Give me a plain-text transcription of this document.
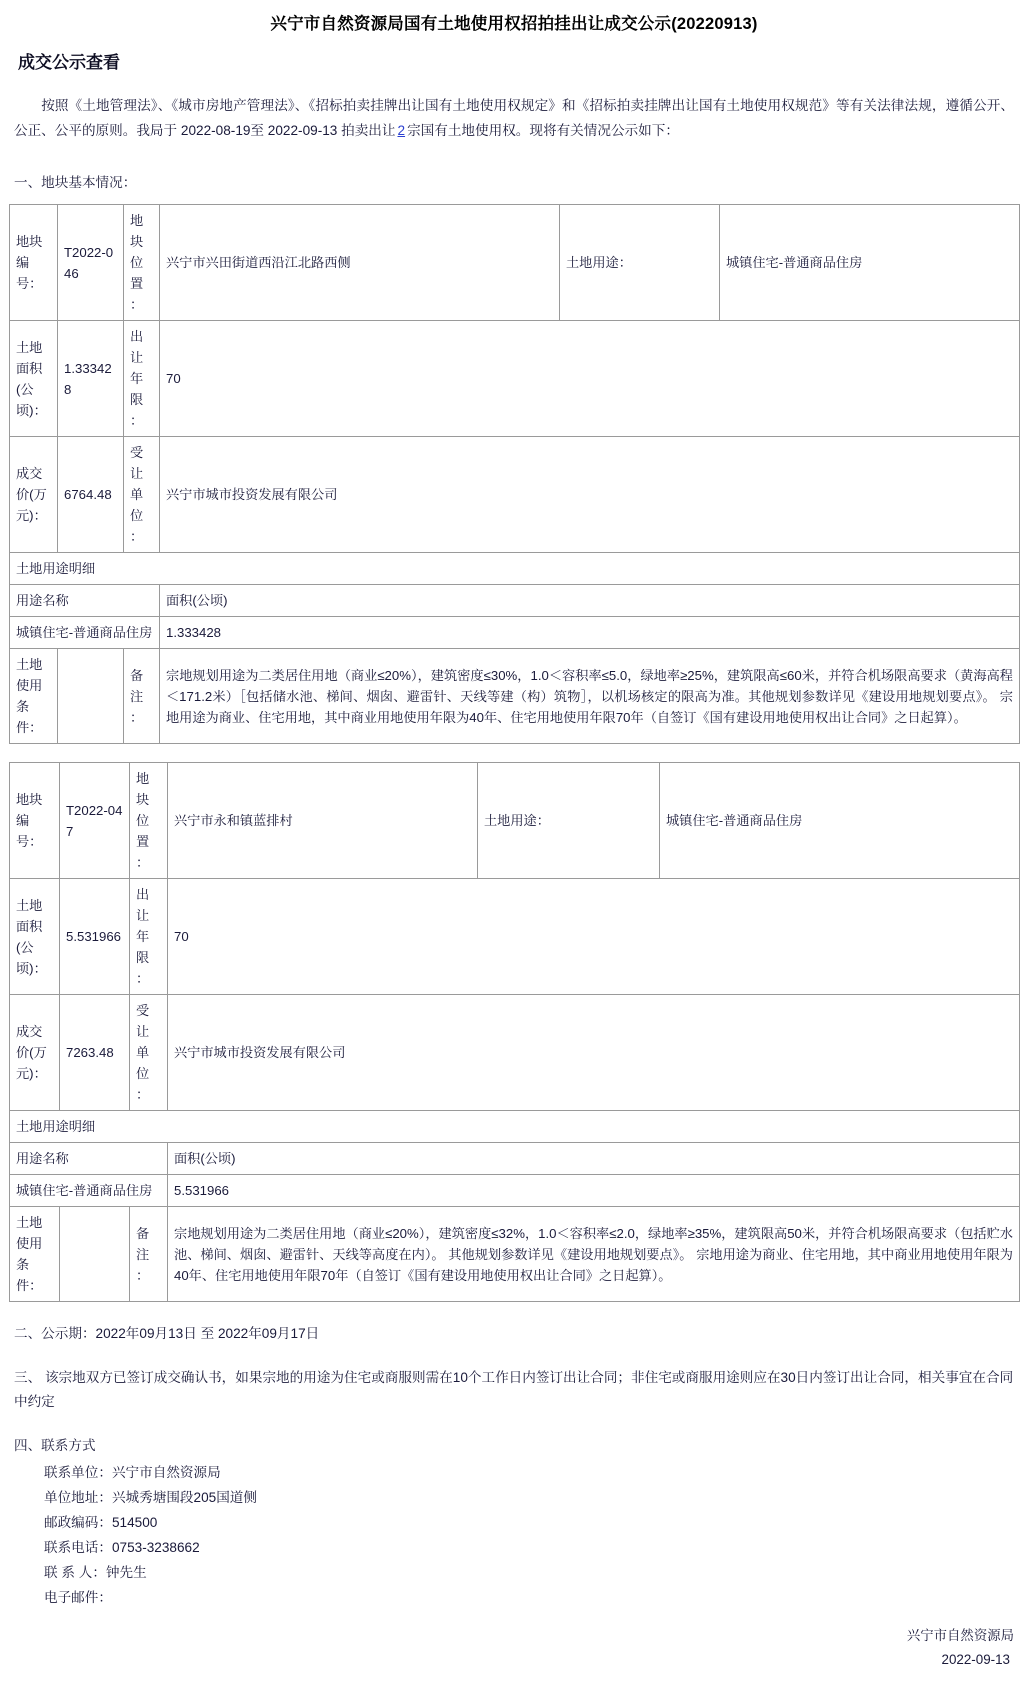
兴宁市自然资源局国有土地使用权招拍挂出让成交公示(20220913)
成交公示查看

按照《土地管理法》、《城市房地产管理法》、《招标拍卖挂牌出让国有土地使用权规定》和《招标拍卖挂牌出让国有土地使用权规范》等有关法律法规，遵循公开、公正、公平的原则。我局于 2022-08-19至 2022-09-13 拍卖出让 2 宗国有土地使用权。现将有关情况公示如下：

一、地块基本情况：
地块编号：	T2022-046	地块位置：	兴宁市兴田街道西沿江北路西侧	土地用途：	城镇住宅-普通商品住房
土地面积(公顷)：	1.333428	出让年限：	70		
成交价(万元)：	6764.48	受让单位：	兴宁市城市投资发展有限公司		
土地用途明细					
用途名称			面积(公顷)		
城镇住宅-普通商品住房			1.333428		
土地使用条件：		备注：	宗地规划用途为二类居住用地（商业≤20%），建筑密度≤30%，1.0＜容积率≤5.0，绿地率≥25%，建筑限高≤60米，并符合机场限高要求（黄海高程＜171.2米）［包括储水池、梯间、烟囱、避雷针、天线等建（构）筑物］，以机场核定的限高为准。其他规划参数详见《建设用地规划要点》。 宗地用途为商业、住宅用地，其中商业用地使用年限为40年、住宅用地使用年限70年（自签订《国有建设用地使用权出让合同》之日起算）。		
地块编号：	T2022-047	地块位置：	兴宁市永和镇蓝排村	土地用途：	城镇住宅-普通商品住房
土地面积(公顷)：	5.531966	出让年限：	70		
成交价(万元)：	7263.48	受让单位：	兴宁市城市投资发展有限公司		
土地用途明细					
用途名称			面积(公顷)		
城镇住宅-普通商品住房			5.531966		
土地使用条件：		备注：	宗地规划用途为二类居住用地（商业≤20%），建筑密度≤32%，1.0＜容积率≤2.0，绿地率≥35%，建筑限高50米，并符合机场限高要求（包括贮水池、梯间、烟囱、避雷针、天线等高度在内）。 其他规划参数详见《建设用地规划要点》。 宗地用途为商业、住宅用地，其中商业用地使用年限为40年、住宅用地使用年限70年（自签订《国有建设用地使用权出让合同》之日起算）。		
二、公示期：2022年09月13日 至 2022年09月17日
三、 该宗地双方已签订成交确认书，如果宗地的用途为住宅或商服则需在10个工作日内签订出让合同；非住宅或商服用途则应在30日内签订出让合同，相关事宜在合同中约定
四、联系方式
联系单位：兴宁市自然资源局
单位地址：兴城秀塘围段205国道侧
邮政编码：514500
联系电话：0753-3238662
联 系 人：钟先生
电子邮件：
兴宁市自然资源局
2022-09-13
